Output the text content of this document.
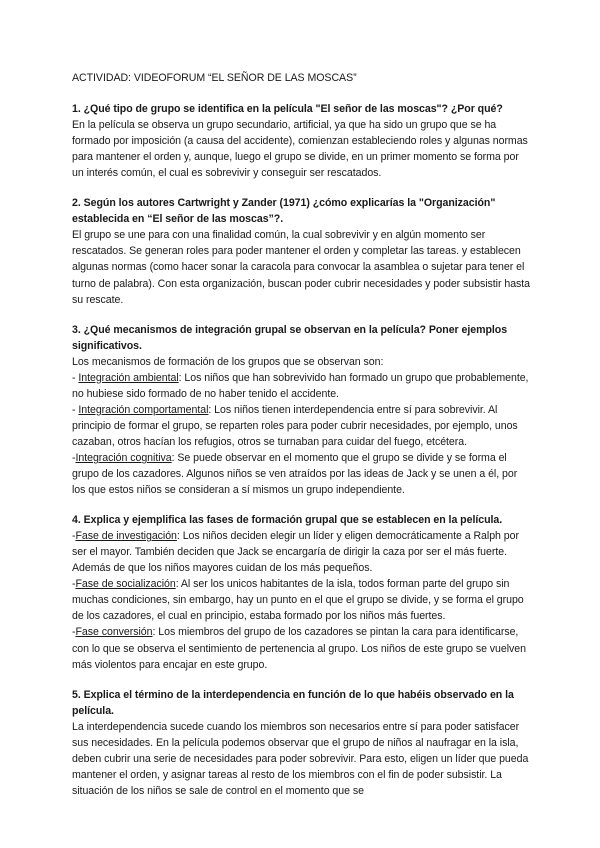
ACTIVIDAD: VIDEOFORUM “EL SEÑOR DE LAS MOSCAS”
1. ¿Qué tipo de grupo se identifica en la película "El señor de las moscas"? ¿Por qué?

En la película se observa un grupo secundario, artificial, ya que ha sido un grupo que se ha formado por imposición (a causa del accidente), comienzan estableciendo roles y algunas normas para mantener el orden y, aunque, luego el grupo se divide, en un primer momento se forma por un interés común, el cual es sobrevivir y conseguir ser rescatados.

2. Según los autores Cartwright y Zander (1971) ¿cómo explicarías la "Organización" establecida en “El señor de las moscas”?.

El grupo se une para con una finalidad común, la cual sobrevivir y en algún momento ser rescatados. Se generan roles para poder mantener el orden y completar las tareas. y establecen algunas normas (como hacer sonar la caracola para convocar la asamblea o sujetar para tener el turno de palabra). Con esta organización, buscan poder cubrir necesidades y poder subsistir hasta su rescate.

3. ¿Qué mecanismos de integración grupal se observan en la película? Poner ejemplos significativos.

Los mecanismos de formación de los grupos que se observan son:

- Integración ambiental: Los niños que han sobrevivido han formado un grupo que probablemente, no hubiese sido formado de no haber tenido el accidente.

- Integración comportamental: Los niños tienen interdependencia entre sí para sobrevivir. Al principio de formar el grupo, se reparten roles para poder cubrir necesidades, por ejemplo, unos cazaban, otros hacían los refugios, otros se turnaban para cuidar del fuego, etcétera.

-Integración cognitiva: Se puede observar en el momento que el grupo se divide y se forma el grupo de los cazadores. Algunos niños se ven atraídos por las ideas de Jack y se unen a él, por los que estos niños se consideran a sí mismos un grupo independiente.

4. Explica y ejemplifica las fases de formación grupal que se establecen en la película.

-Fase de investigación: Los niños deciden elegir un líder y eligen democráticamente a Ralph por ser el mayor. También deciden que Jack se encargaría de dirigir la caza por ser el más fuerte. Además de que los niños mayores cuidan de los más pequeños.

-Fase de socialización: Al ser los unicos habitantes de la isla, todos forman parte del grupo sin muchas condiciones, sin embargo, hay un punto en el que el grupo se divide, y se forma el grupo de los cazadores, el cual en principio, estaba formado por los niños más fuertes.

-Fase conversión: Los miembros del grupo de los cazadores se pintan la cara para identificarse, con lo que se observa el sentimiento de pertenencia al grupo. Los niños de este grupo se vuelven más violentos para encajar en este grupo.

5. Explica el término de la interdependencia en función de lo que habéis observado en la película.

La interdependencia sucede cuando los miembros son necesarios entre sí para poder satisfacer sus necesidades. En la película podemos observar que el grupo de niños al naufragar en la isla, deben cubrir una serie de necesidades para poder sobrevivir. Para esto, eligen un líder que pueda mantener el orden, y asignar tareas al resto de los miembros con el fin de poder subsistir. La situación de los niños se sale de control en el momento que se
